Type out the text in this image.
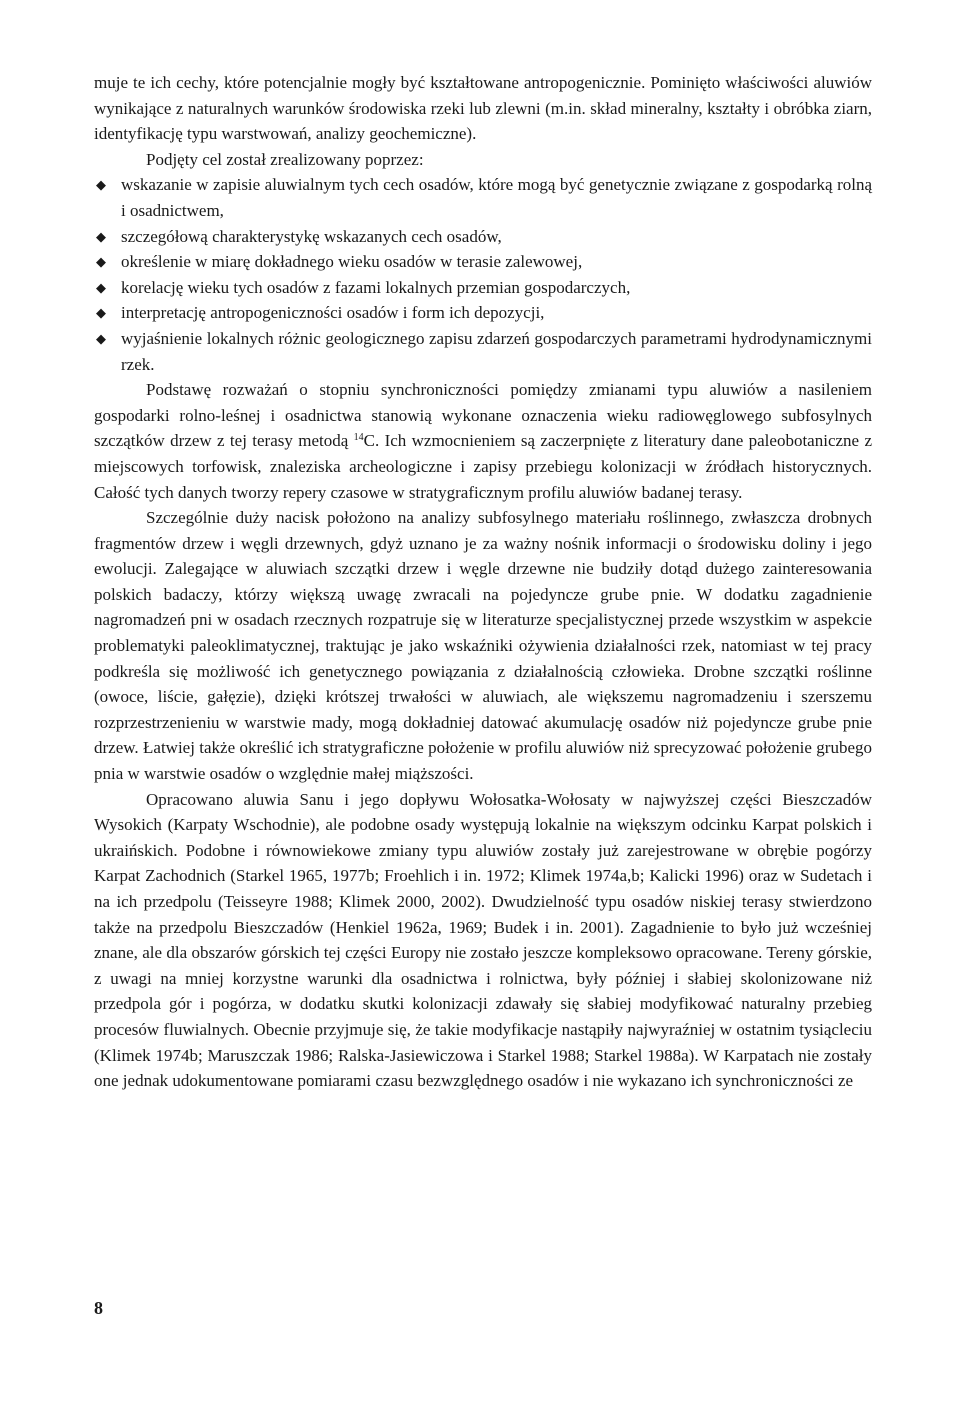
muje te ich cechy, które potencjalnie mogły być kształtowane antropogenicznie. Pominięto właściwości aluwiów wynikające z naturalnych warunków środowiska rzeki lub zlewni (m.in. skład mineralny, kształty i obróbka ziarn, identyfikację typu warstwowań, analizy geochemiczne).

Podjęty cel został zrealizowany poprzez:

◆ wskazanie w zapisie aluwialnym tych cech osadów, które mogą być genetycznie związane z gospodarką rolną i osadnictwem,
◆ szczegółową charakterystykę wskazanych cech osadów,
◆ określenie w miarę dokładnego wieku osadów w terasie zalewowej,
◆ korelację wieku tych osadów z fazami lokalnych przemian gospodarczych,
◆ interpretację antropogeniczności osadów i form ich depozycji,
◆ wyjaśnienie lokalnych różnic geologicznego zapisu zdarzeń gospodarczych parametrami hydrodynamicznymi rzek.

Podstawę rozważań o stopniu synchroniczności pomiędzy zmianami typu aluwiów a nasileniem gospodarki rolno-leśnej i osadnictwa stanowią wykonane oznaczenia wieku radiowęglowego subfosylnych szczątków drzew z tej terasy metodą $^{14}$C. Ich wzmocnieniem są zaczerpnięte z literatury dane paleobotaniczne z miejscowych torfowisk, znaleziska archeologiczne i zapisy przebiegu kolonizacji w źródłach historycznych. Całość tych danych tworzy repery czasowe w stratygraficznym profilu aluwiów badanej terasy.

Szczególnie duży nacisk położono na analizy subfosylnego materiału roślinnego, zwłaszcza drobnych fragmentów drzew i węgli drzewnych, gdyż uznano je za ważny nośnik informacji o środowisku doliny i jego ewolucji. Zalegające w aluwiach szczątki drzew i węgle drzewne nie budziły dotąd dużego zainteresowania polskich badaczy, którzy większą uwagę zwracali na pojedyncze grube pnie. W dodatku zagadnienie nagromadzeń pni w osadach rzecznych rozpatruje się w literaturze specjalistycznej przede wszystkim w aspekcie problematyki paleoklimatycznej, traktując je jako wskaźniki ożywienia działalności rzek, natomiast w tej pracy podkreśla się możliwość ich genetycznego powiązania z działalnością człowieka. Drobne szczątki roślinne (owoce, liście, gałęzie), dzięki krótszej trwałości w aluwiach, ale większemu nagromadzeniu i szerszemu rozprzestrzenieniu w warstwie mady, mogą dokładniej datować akumulację osadów niż pojedyncze grube pnie drzew. Łatwiej także określić ich stratygraficzne położenie w profilu aluwiów niż sprecyzować położenie grubego pnia w warstwie osadów o względnie małej miąższości.

Opracowano aluwia Sanu i jego dopływu Wołosatka-Wołosaty w najwyższej części Bieszczadów Wysokich (Karpaty Wschodnie), ale podobne osady występują lokalnie na większym odcinku Karpat polskich i ukraińskich. Podobne i równowiekowe zmiany typu aluwiów zostały już zarejestrowane w obrębie pogórzy Karpat Zachodnich (Starkel 1965, 1977b; Froehlich i in. 1972; Klimek 1974a,b; Kalicki 1996) oraz w Sudetach i na ich przedpolu (Teisseyre 1988; Klimek 2000, 2002). Dwudzielność typu osadów niskiej terasy stwierdzono także na przedpolu Bieszczadów (Henkiel 1962a, 1969; Budek i in. 2001). Zagadnienie to było już wcześniej znane, ale dla obszarów górskich tej części Europy nie zostało jeszcze kompleksowo opracowane. Tereny górskie, z uwagi na mniej korzystne warunki dla osadnictwa i rolnictwa, były później i słabiej skolonizowane niż przedpola gór i pogórza, w dodatku skutki kolonizacji zdawały się słabiej modyfikować naturalny przebieg procesów fluwialnych. Obecnie przyjmuje się, że takie modyfikacje nastąpiły najwyraźniej w ostatnim tysiącleciu (Klimek 1974b; Maruszczak 1986; Ralska-Jasiewiczowa i Starkel 1988; Starkel 1988a). W Karpatach nie zostały one jednak udokumentowane pomiarami czasu bezwzględnego osadów i nie wykazano ich synchroniczności ze

8
